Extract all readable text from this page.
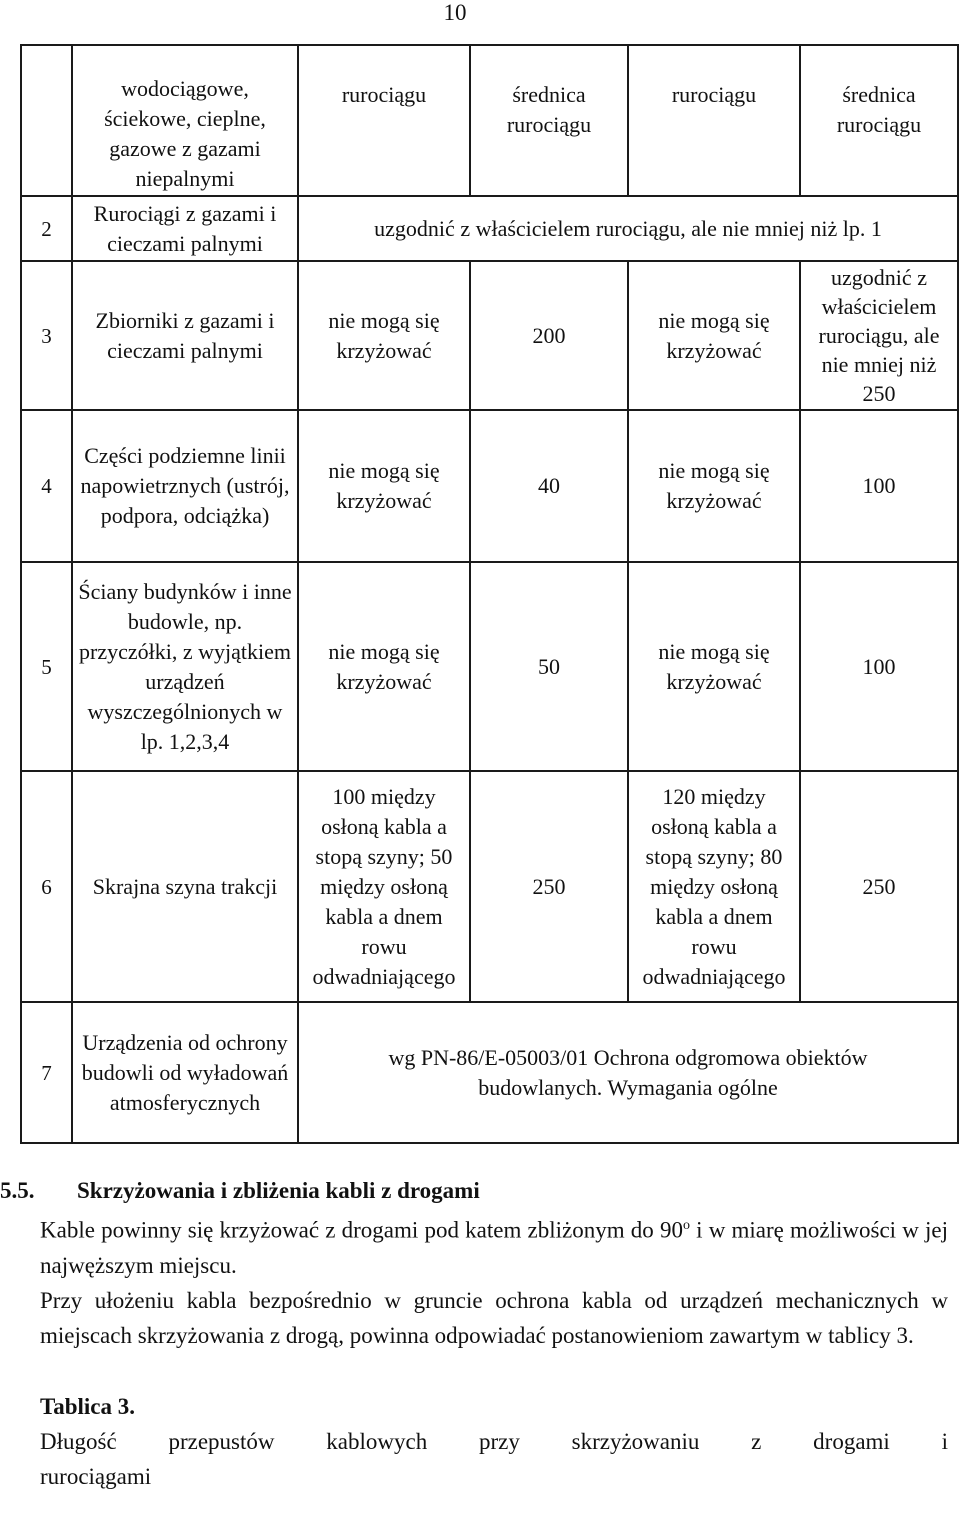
10
	wodociągowe, ściekowe, cieplne, gazowe z gazami niepalnymi	rurociągu	średnica rurociągu	rurociągu	średnica rurociągu
2	Rurociągi z gazami i cieczami palnymi	uzgodnić z właścicielem rurociągu, ale nie mniej niż lp. 1			
3	Zbiorniki z gazami i cieczami palnymi	nie mogą się krzyżować	200	nie mogą się krzyżować	uzgodnić z właścicielem rurociągu, ale nie mniej niż 250
4	Części podziemne linii napowietrznych (ustrój, podpora, odciążka)	nie mogą się krzyżować	40	nie mogą się krzyżować	100
5	Ściany budynków i inne budowle, np. przyczółki, z wyjątkiem urządzeń wyszczególnionych w lp. 1,2,3,4	nie mogą się krzyżować	50	nie mogą się krzyżować	100
6	Skrajna szyna trakcji	100 między osłoną kabla a stopą szyny; 50 między osłoną kabla a dnem rowu odwadniającego	250	120 między osłoną kabla a stopą szyny; 80 między osłoną kabla a dnem rowu odwadniającego	250
7	Urządzenia od ochrony budowli od wyładowań atmosferycznych	wg PN-86/E-05003/01 Ochrona odgromowa obiektów budowlanych. Wymagania ogólne			
5.5. Skrzyżowania i zbliżenia kabli z drogami
Kable powinny się krzyżować z drogami pod katem zbliżonym do 90$^o$ i w miarę możliwości w jej najwęższym miejscu.
Przy ułożeniu kabla bezpośrednio w gruncie ochrona kabla od urządzeń mechanicznych w miejscach skrzyżowania z drogą, powinna odpowiadać postanowieniom zawartym w tablicy 3.
Tablica 3.
Długość przepustów kablowych przy skrzyżowaniu z drogami i
rurociągami
